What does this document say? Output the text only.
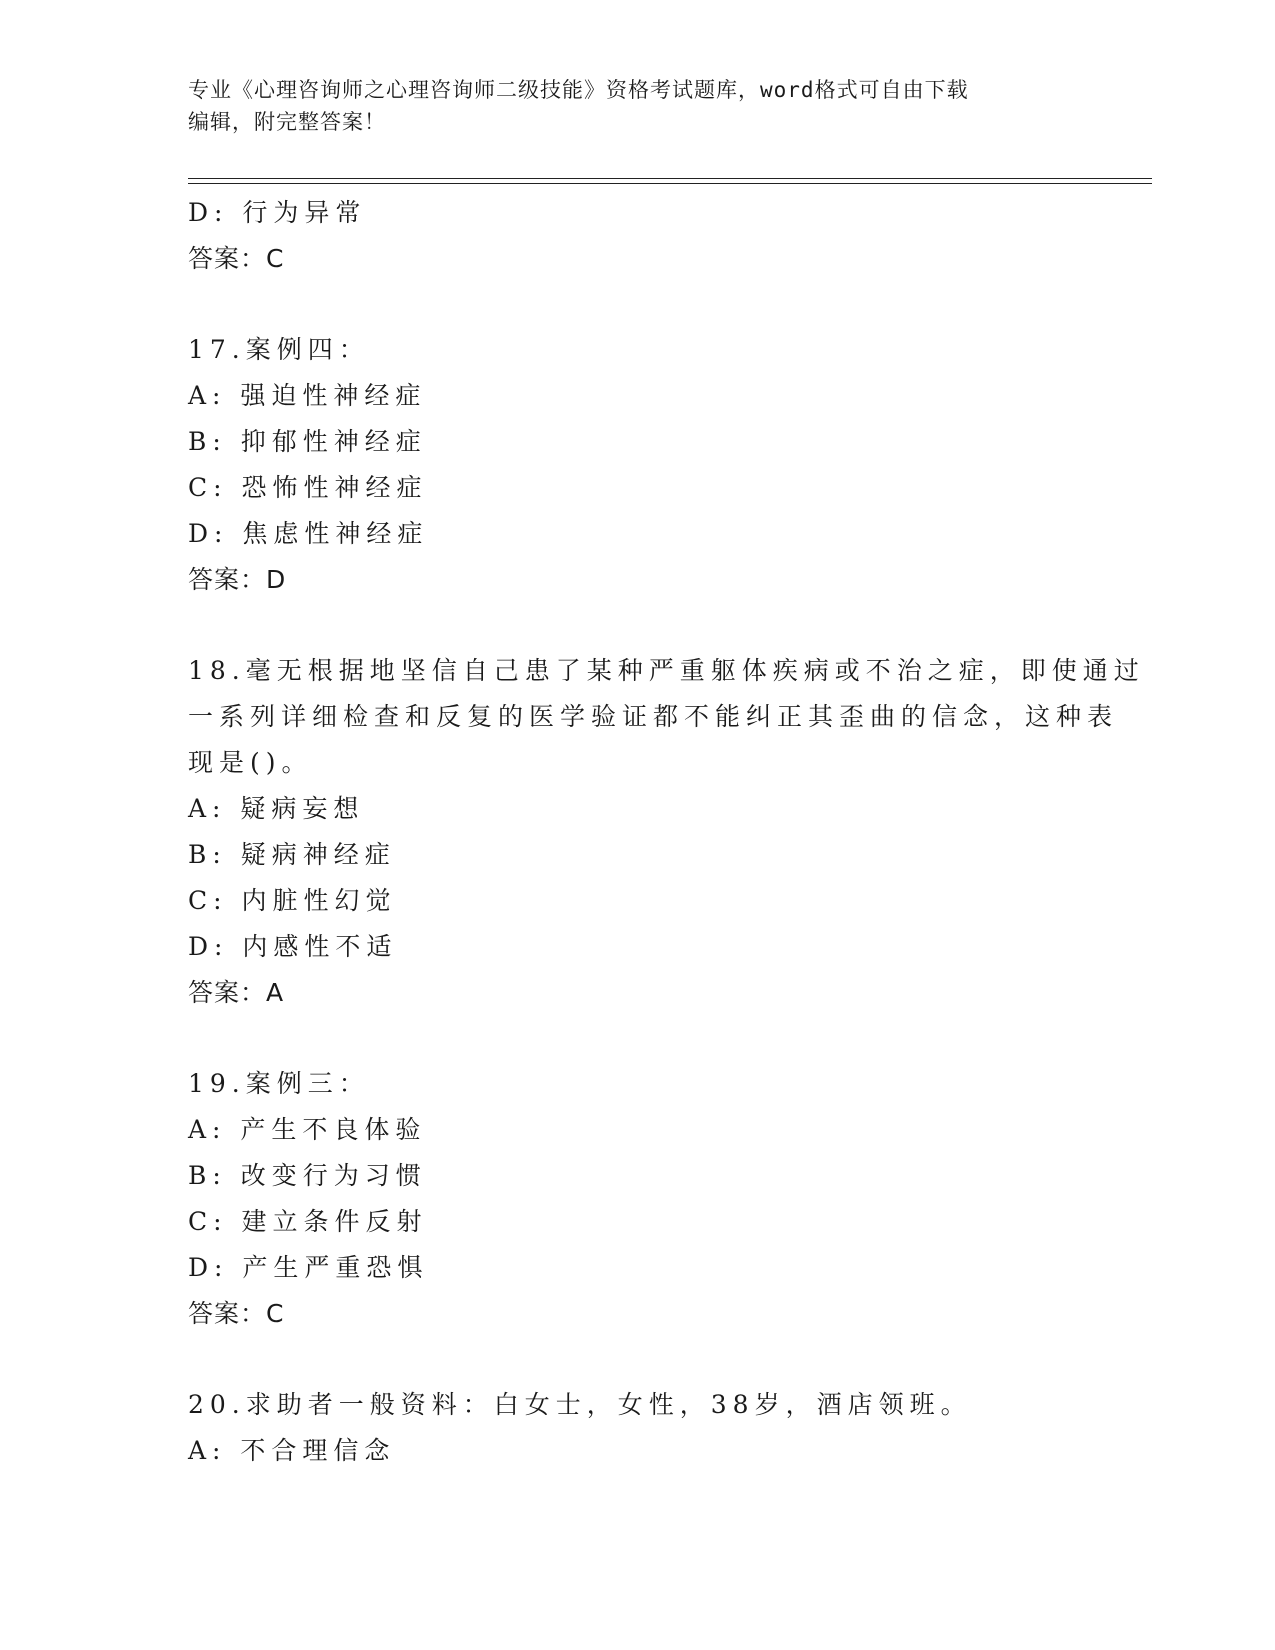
专业《心理咨询师之心理咨询师二级技能》资格考试题库，word格式可自由下载
编辑，附完整答案！
D: 行为异常
答案：C
17.案例四：
A: 强迫性神经症
B: 抑郁性神经症
C: 恐怖性神经症
D: 焦虑性神经症
答案：D
18.毫无根据地坚信自己患了某种严重躯体疾病或不治之症，即使通过
一系列详细检查和反复的医学验证都不能纠正其歪曲的信念，这种表
现是()。
A: 疑病妄想
B: 疑病神经症
C: 内脏性幻觉
D: 内感性不适
答案：A
19.案例三：
A: 产生不良体验
B: 改变行为习惯
C: 建立条件反射
D: 产生严重恐惧
答案：C
20.求助者一般资料：白女士，女性，38岁，酒店领班。
A: 不合理信念
